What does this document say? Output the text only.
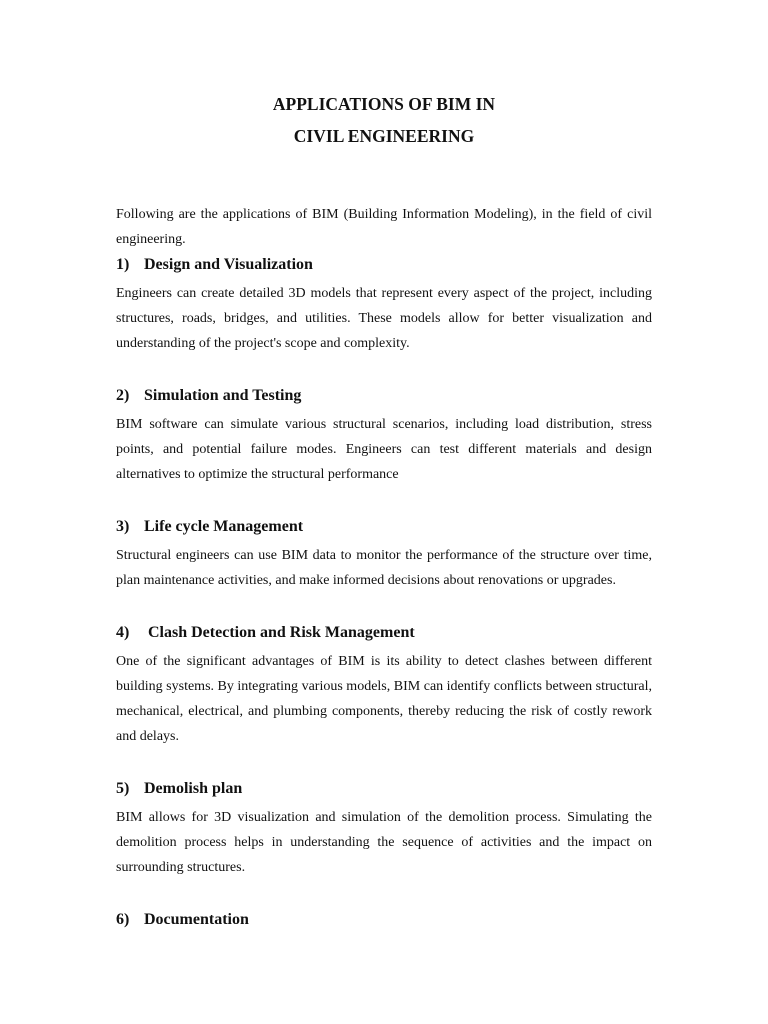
APPLICATIONS OF BIM IN
CIVIL ENGINEERING

Following are the applications of BIM (Building Information Modeling), in the field of civil engineering.

1) Design and Visualization

Engineers can create detailed 3D models that represent every aspect of the project, including structures, roads, bridges, and utilities. These models allow for better visualization and understanding of the project's scope and complexity.

2) Simulation and Testing

BIM software can simulate various structural scenarios, including load distribution, stress points, and potential failure modes. Engineers can test different materials and design alternatives to optimize the structural performance

3) Life cycle Management

Structural engineers can use BIM data to monitor the performance of the structure over time, plan maintenance activities, and make informed decisions about renovations or upgrades.

4)	Clash Detection and Risk Management

One of the significant advantages of BIM is its ability to detect clashes between different building systems. By integrating various models, BIM can identify conflicts between structural, mechanical, electrical, and plumbing components, thereby reducing the risk of costly rework and delays.

5) Demolish plan

BIM allows for 3D visualization and simulation of the demolition process. Simulating the demolition process helps in understanding the sequence of activities and the impact on surrounding structures.

6) Documentation
